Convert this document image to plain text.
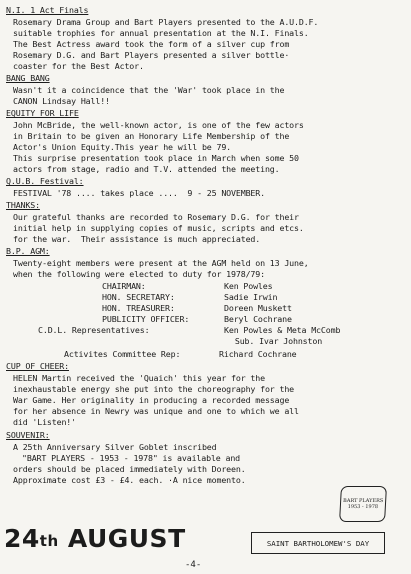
N.I. 1 Act Finals
Rosemary Drama Group and Bart Players presented to the A.U.D.F.
suitable trophies for annual presentation at the N.I. Finals.
The Best Actress award took the form of a silver cup from
Rosemary D.G. and Bart Players presented a silver bottle·
coaster for the Best Actor.
BANG BANG
Wasn't it a coincidence that the 'War' took place in the
CANON Lindsay Hall!!
EQUITY FOR LIFE
John McBride, the well-known actor, is one of the few actors
in Britain to be given an Honorary Life Membership of the
Actor's Union Equity.This year he will be 79.
This surprise presentation took place in March when some 50
actors from stage, radio and T.V. attended the meeting.
Q.U.B. Festival:
FESTIVAL '78 .... takes place ....  9 - 25 NOVEMBER.
THANKS:
Our grateful thanks are recorded to Rosemary D.G. for their
initial help in supplying copies of music, scripts and etcs.
for the war.  Their assistance is much appreciated.
B.P. AGM:
Twenty-eight members were present at the AGM held on 13 June,
when the following were elected to duty for 1978/79:
CHAIRMAN:	Ken Powles
HON. SECRETARY:	Sadie Irwin
HON. TREASURER:	Doreen Muskett
PUBLICITY OFFICER:	Beryl Cochrane
C.D.L. Representatives:	Ken Powles & Meta McComb
Sub. Ivar Johnston
Activites Committee Rep:	Richard Cochrane
CUP OF CHEER:
HELEN Martin received the 'Quaich' this year for the
inexhaustable energy she put into the choreography for the
War Game. Her originality in producing a recorded message
for her absence in Newry was unique and one to which we all
did 'Listen!'
SOUVENIR:
A 25th Anniversary Silver Goblet inscribed
"BART PLAYERS - 1953 - 1978" is available and
orders should be placed immediately with Doreen.
Approximate cost £3 - £4. each. ·A nice momento.
BART PLAYERS
1953 - 1978
24th AUGUST	SAINT BARTHOLOMEW'S DAY
-4-
